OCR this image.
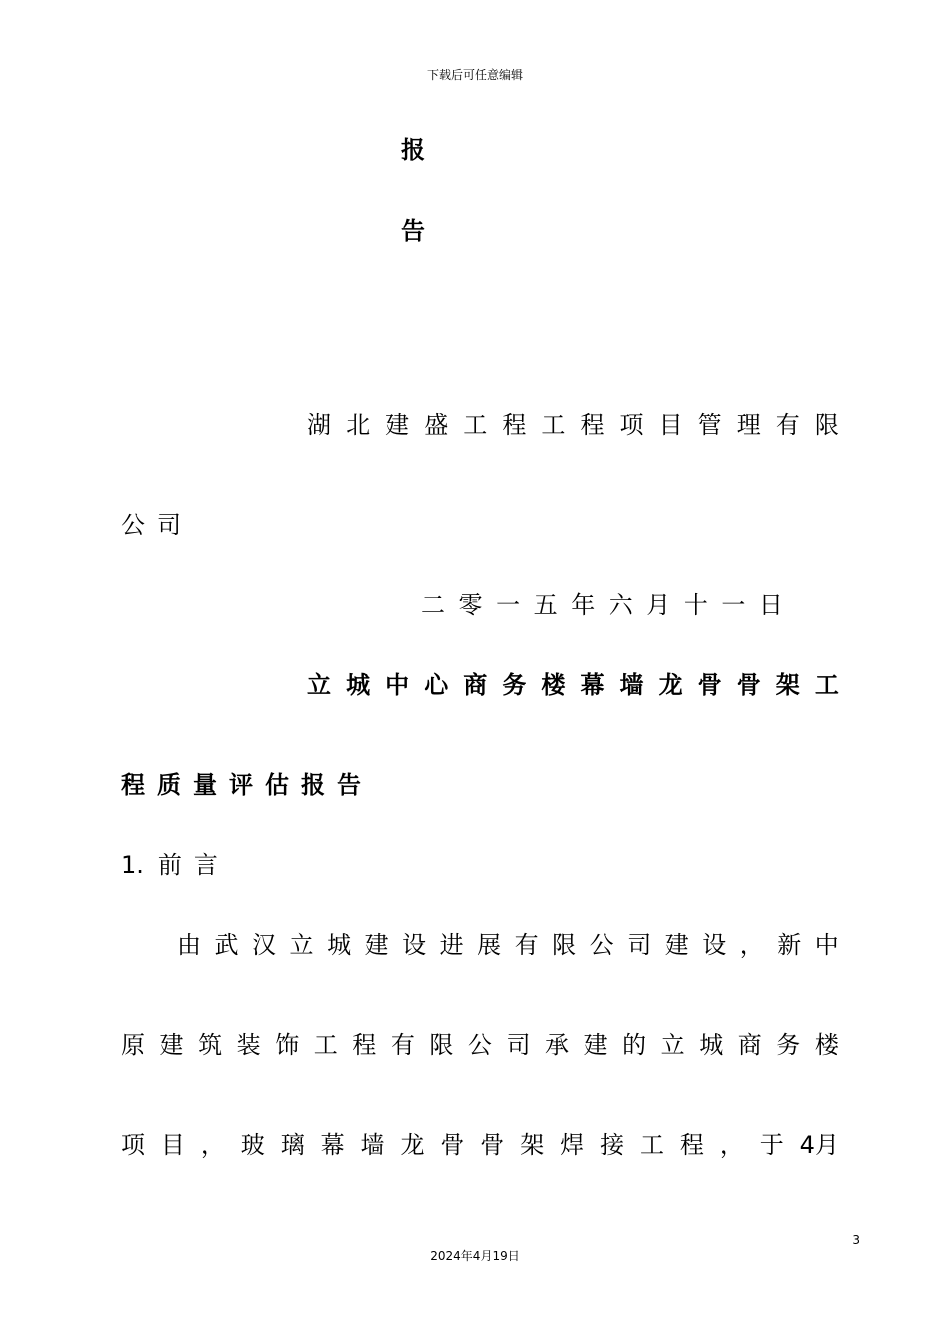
下载后可任意编辑
报
告
湖 北 建 盛 工 程 工 程 项 目 管 理 有 限
公司
二 零 一 五 年 六 月 十 一 日
立 城 中 心 商 务 楼 幕 墙 龙 骨 骨 架 工
程质量评估报告
1. 前言
由 武 汉 立 城 建 设 进 展 有 限 公 司 建 设 ， 新 中
原 建 筑 装 饰 工 程 有 限 公 司 承 建 的 立 城 商 务 楼
项 目 ， 玻 璃 幕 墙 龙 骨 骨 架 焊 接 工 程 ， 于 4月
3
2024年4月19日
